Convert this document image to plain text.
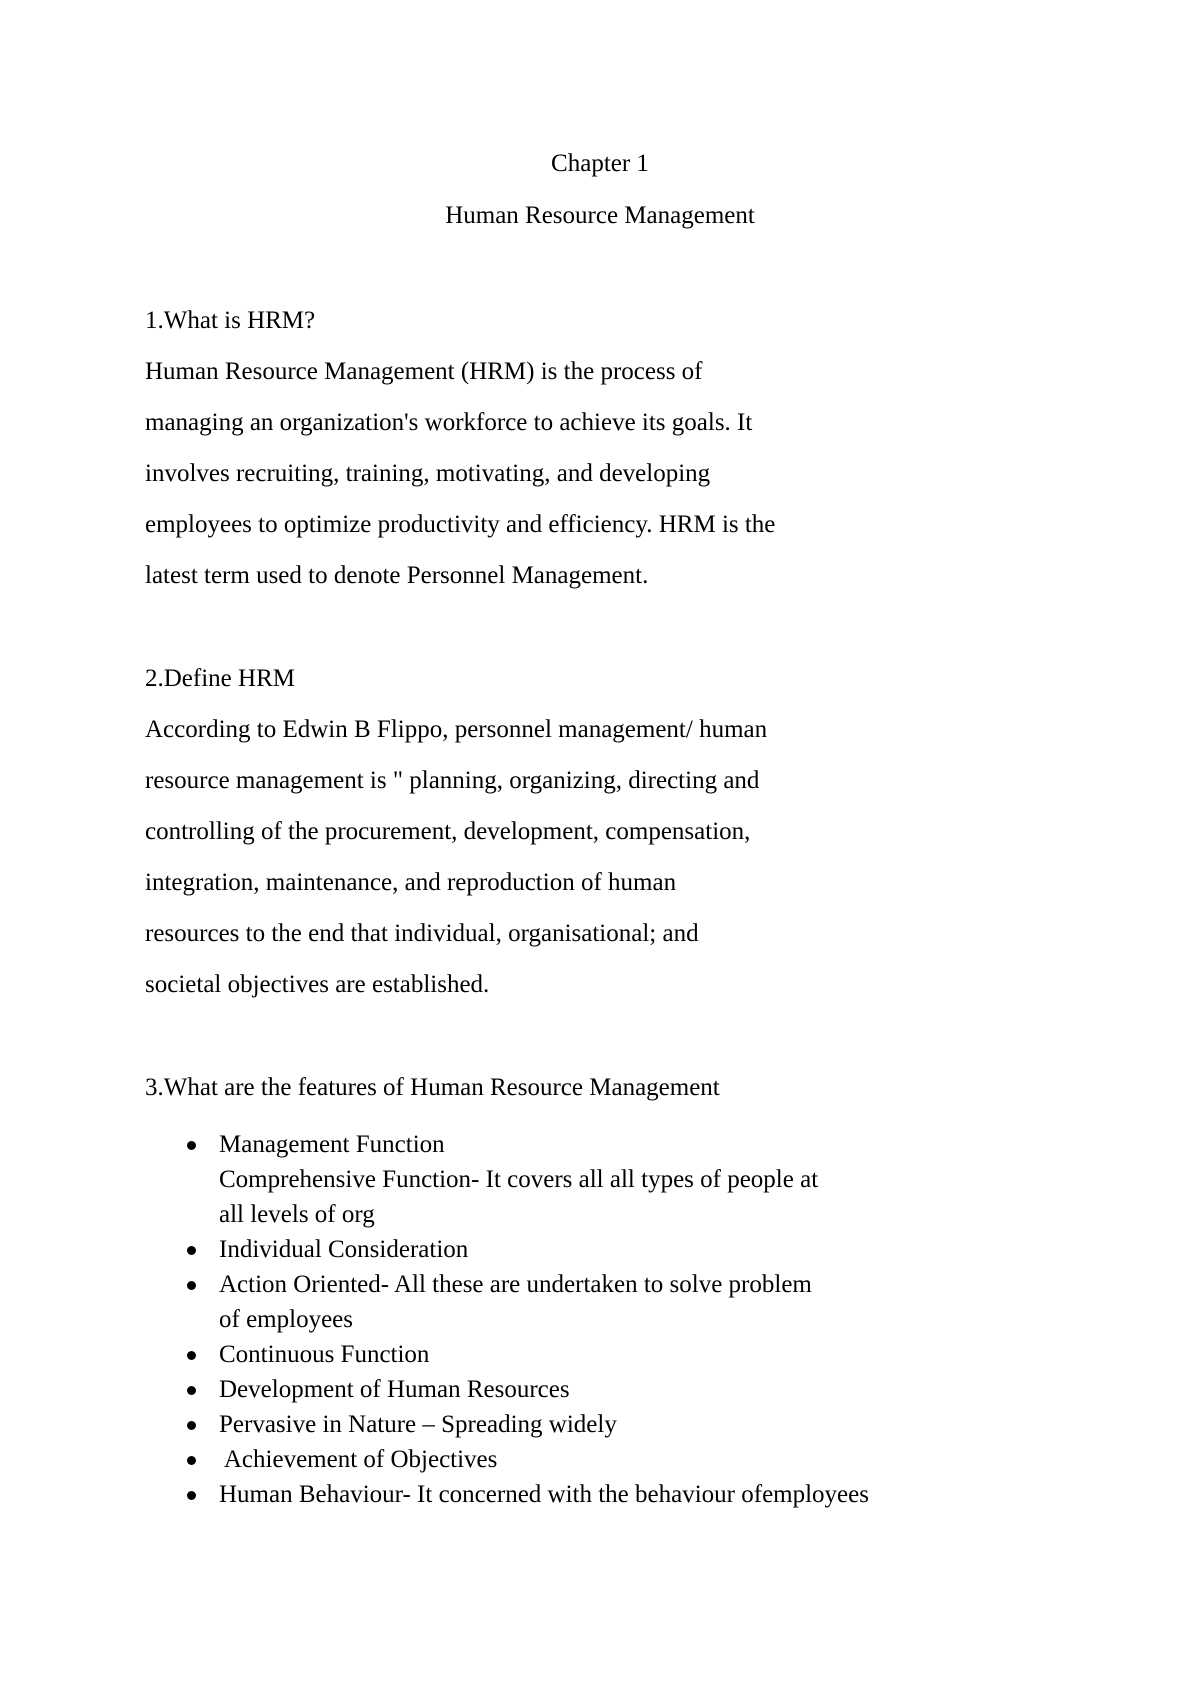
Chapter 1
Human Resource Management
1.What is HRM?
Human Resource Management (HRM) is the process of
managing an organization's workforce to achieve its goals. It
involves recruiting, training, motivating, and developing
employees to optimize productivity and efficiency. HRM is the
latest term used to denote Personnel Management.
2.Define HRM
According to Edwin B Flippo, personnel management/ human
resource management is " planning, organizing, directing and
controlling of the procurement, development, compensation,
integration, maintenance, and reproduction of human
resources to the end that individual, organisational; and
societal objectives are established.
3.What are the features of Human Resource Management
Management Function
Comprehensive Function- It covers all all types of people at
all levels of org
Individual Consideration
Action Oriented- All these are undertaken to solve problem
of employees
Continuous Function
Development of Human Resources
Pervasive in Nature – Spreading widely
Achievement of Objectives
Human Behaviour- It concerned with the behaviour ofemployees
